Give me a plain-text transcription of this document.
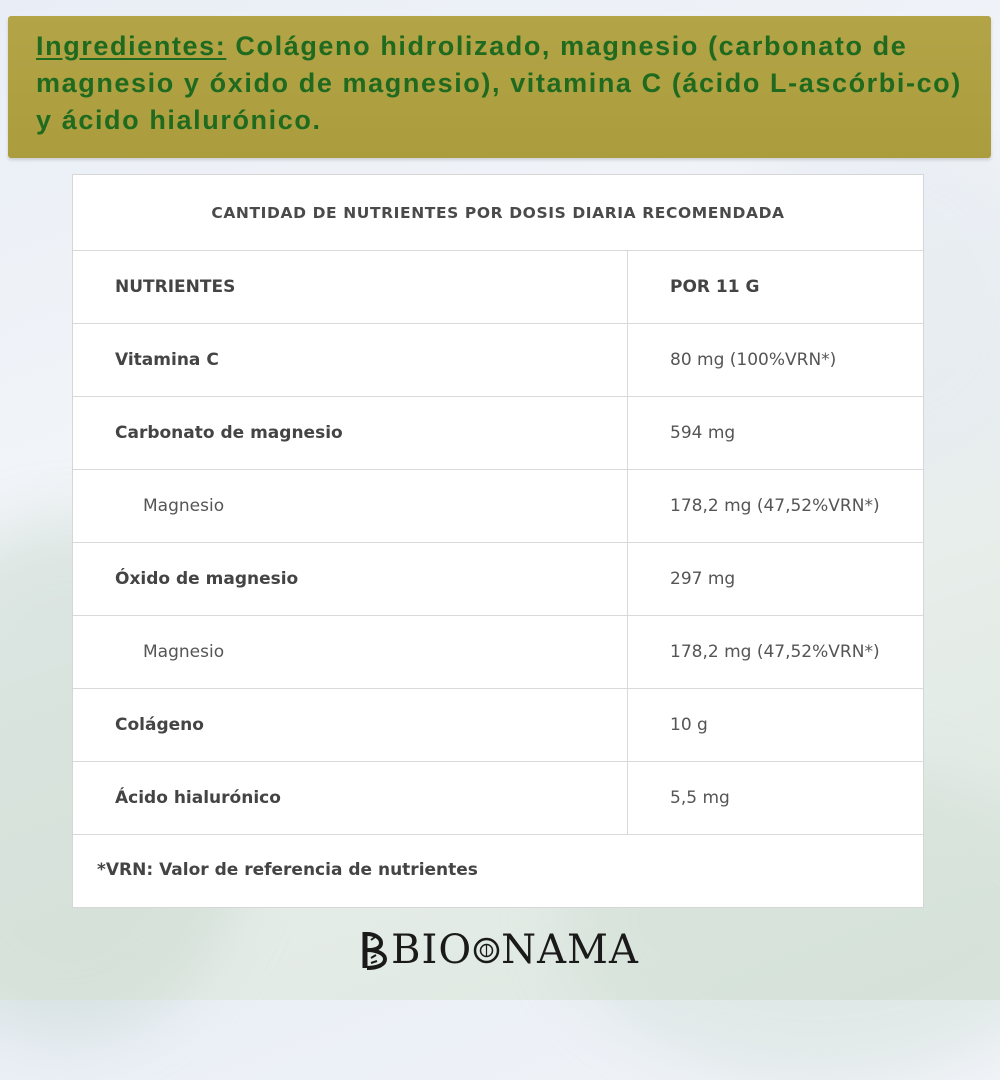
Ingredientes: Colágeno hidrolizado, magnesio (carbonato de magnesio y óxido de magnesio), vitamina C (ácido L-ascórbi-co) y ácido hialurónico.

CANTIDAD DE NUTRIENTES POR DOSIS DIARIA RECOMENDADA
NUTRIENTES	POR 11 G
Vitamina C	80 mg (100%VRN*)
Carbonato de magnesio	594 mg
Magnesio	178,2 mg (47,52%VRN*)
Óxido de magnesio	297 mg
Magnesio	178,2 mg (47,52%VRN*)
Colágeno	10 g
Ácido hialurónico	5,5 mg
*VRN: Valor de referencia de nutrientes
BIO NAMA
